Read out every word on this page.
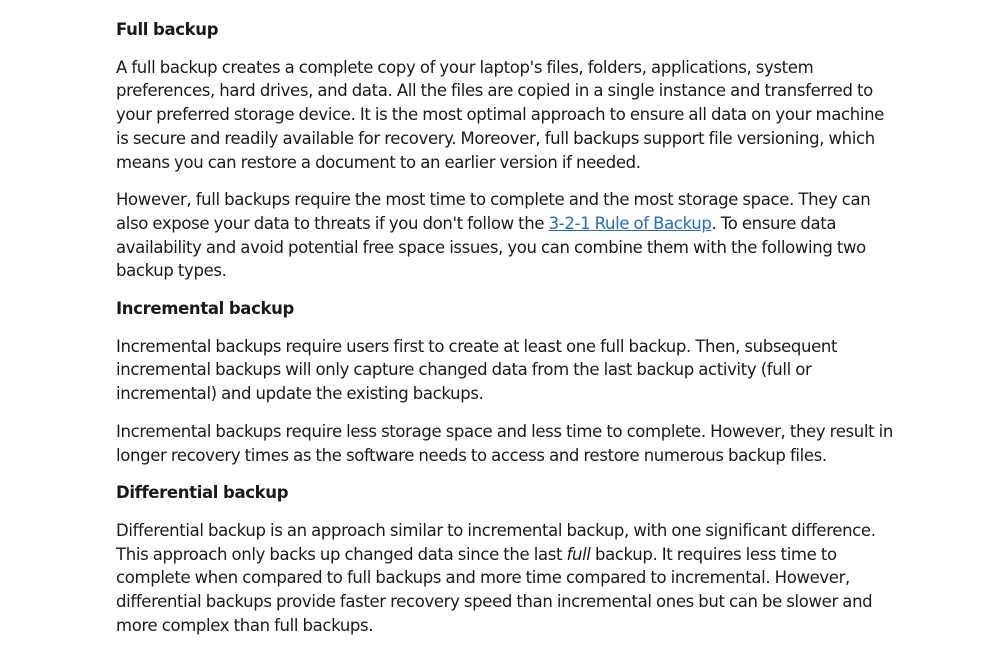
Full backup

A full backup creates a complete copy of your laptop's files, folders, applications, system preferences, hard drives, and data. All the files are copied in a single instance and transferred to your preferred storage device. It is the most optimal approach to ensure all data on your machine is secure and readily available for recovery. Moreover, full backups support file versioning, which means you can restore a document to an earlier version if needed.

However, full backups require the most time to complete and the most storage space. They can also expose your data to threats if you don't follow the 3-2-1 Rule of Backup. To ensure data availability and avoid potential free space issues, you can combine them with the following two backup types.

Incremental backup

Incremental backups require users first to create at least one full backup. Then, subsequent incremental backups will only capture changed data from the last backup activity (full or incremental) and update the existing backups.

Incremental backups require less storage space and less time to complete. However, they result in longer recovery times as the software needs to access and restore numerous backup files.

Differential backup

Differential backup is an approach similar to incremental backup, with one significant difference. This approach only backs up changed data since the last full backup. It requires less time to complete when compared to full backups and more time compared to incremental. However, differential backups provide faster recovery speed than incremental ones but can be slower and more complex than full backups.
